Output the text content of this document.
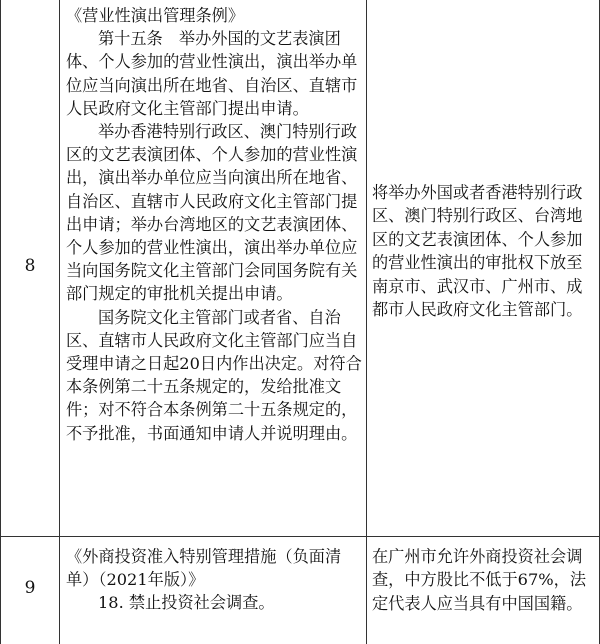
8

《营业性演出管理条例》

第十五条　举办外国的文艺表演团体、个人参加的营业性演出，演出举办单位应当向演出所在地省、自治区、直辖市人民政府文化主管部门提出申请。

举办香港特别行政区、澳门特别行政区的文艺表演团体、个人参加的营业性演出，演出举办单位应当向演出所在地省、自治区、直辖市人民政府文化主管部门提出申请；举办台湾地区的文艺表演团体、个人参加的营业性演出，演出举办单位应当向国务院文化主管部门会同国务院有关部门规定的审批机关提出申请。

国务院文化主管部门或者省、自治区、直辖市人民政府文化主管部门应当自受理申请之日起20日内作出决定。对符合本条例第二十五条规定的，发给批准文件；对不符合本条例第二十五条规定的，不予批准，书面通知申请人并说明理由。

将举办外国或者香港特别行政区、澳门特别行政区、台湾地区的文艺表演团体、个人参加的营业性演出的审批权下放至南京市、武汉市、广州市、成都市人民政府文化主管部门。

9

《外商投资准入特别管理措施（负面清单）（2021年版）》

18. 禁止投资社会调查。

在广州市允许外商投资社会调查，中方股比不低于67%，法定代表人应当具有中国国籍。
